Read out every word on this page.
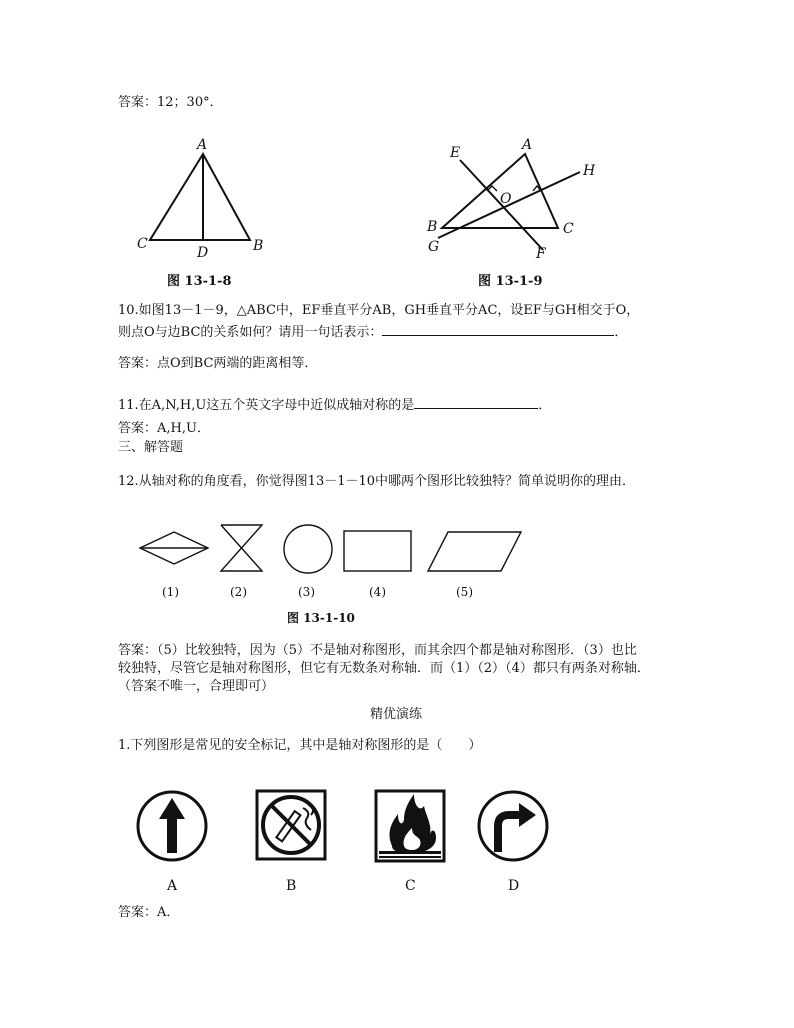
答案：12；30°．
A
C
D	B
图 13-1-8
E	A
H
O
B	C
G	F
图 13-1-9
10.如图13－1－9，△ABC中，EF垂直平分AB，GH垂直平分AC，设EF与GH相交于O，
则点O与边BC的关系如何？请用一句话表示：	．
答案：点O到BC两端的距离相等．
11.在A,N,H,U这五个英文字母中近似成轴对称的是	．
答案：A,H,U．
三、解答题
12.从轴对称的角度看，你觉得图13－1－10中哪两个图形比较独特？简单说明你的理由．
(1)	(2)	(3)	(4)	(5)
图 13-1-10
答案：（5）比较独特，因为（5）不是轴对称图形，而其余四个都是轴对称图形．（3）也比
较独特，尽管它是轴对称图形，但它有无数条对称轴．而（1）（2）（4）都只有两条对称轴．
（答案不唯一，合理即可）
精优演练
1.下列图形是常见的安全标记，其中是轴对称图形的是（　　）
A	B	C	D
答案：A．
